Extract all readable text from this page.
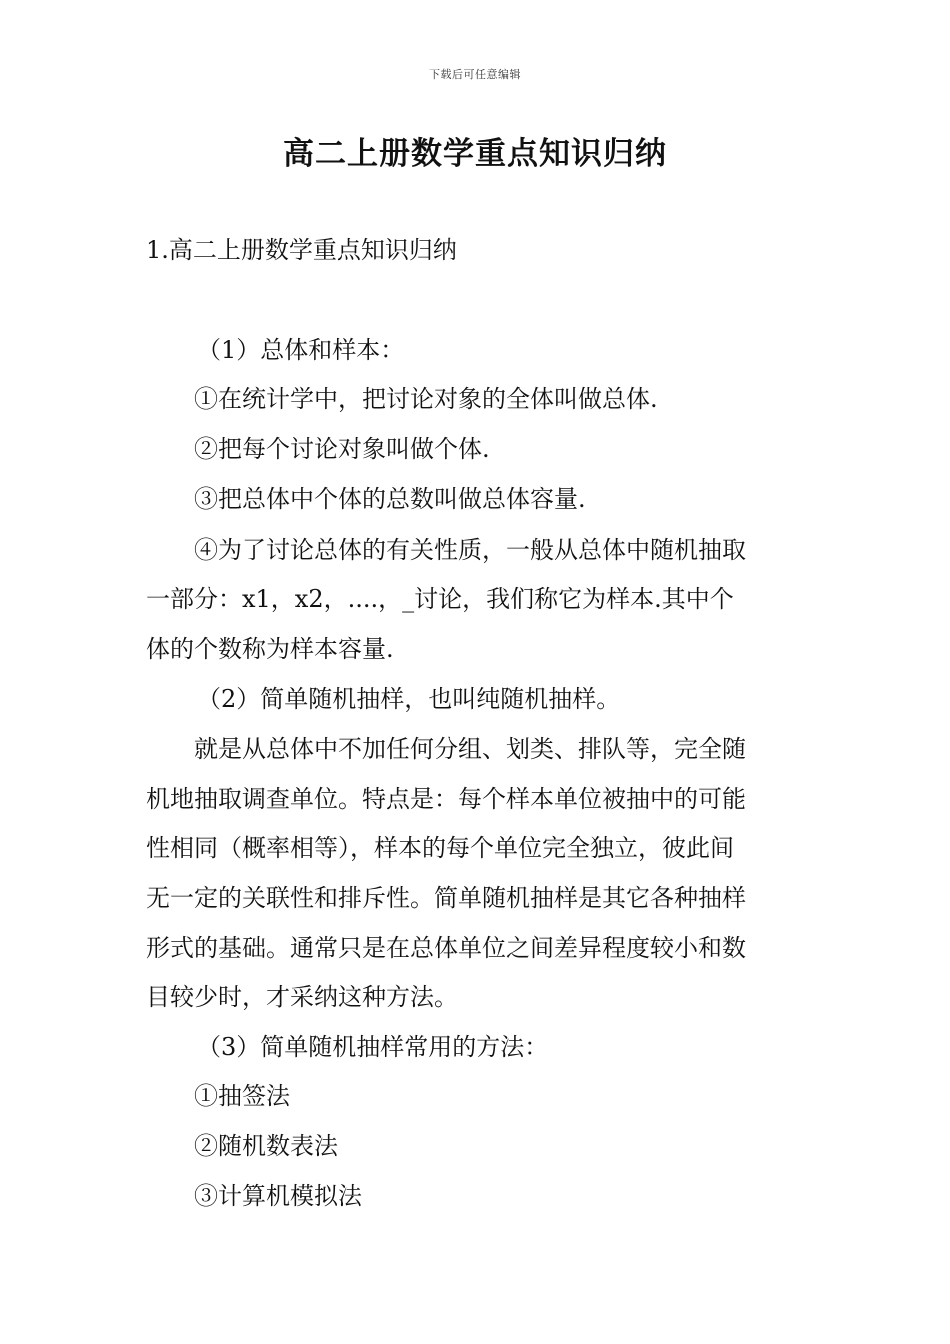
下载后可任意编辑
高二上册数学重点知识归纳
1.高二上册数学重点知识归纳
（1）总体和样本：
①在统计学中，把讨论对象的全体叫做总体.
②把每个讨论对象叫做个体.
③把总体中个体的总数叫做总体容量.
④为了讨论总体的有关性质，一般从总体中随机抽取
一部分：x1，x2，....，_讨论，我们称它为样本.其中个
体的个数称为样本容量.
（2）简单随机抽样，也叫纯随机抽样。
就是从总体中不加任何分组、划类、排队等，完全随
机地抽取调查单位。特点是：每个样本单位被抽中的可能
性相同（概率相等），样本的每个单位完全独立，彼此间
无一定的关联性和排斥性。简单随机抽样是其它各种抽样
形式的基础。通常只是在总体单位之间差异程度较小和数
目较少时，才采纳这种方法。
（3）简单随机抽样常用的方法：
①抽签法
②随机数表法
③计算机模拟法
